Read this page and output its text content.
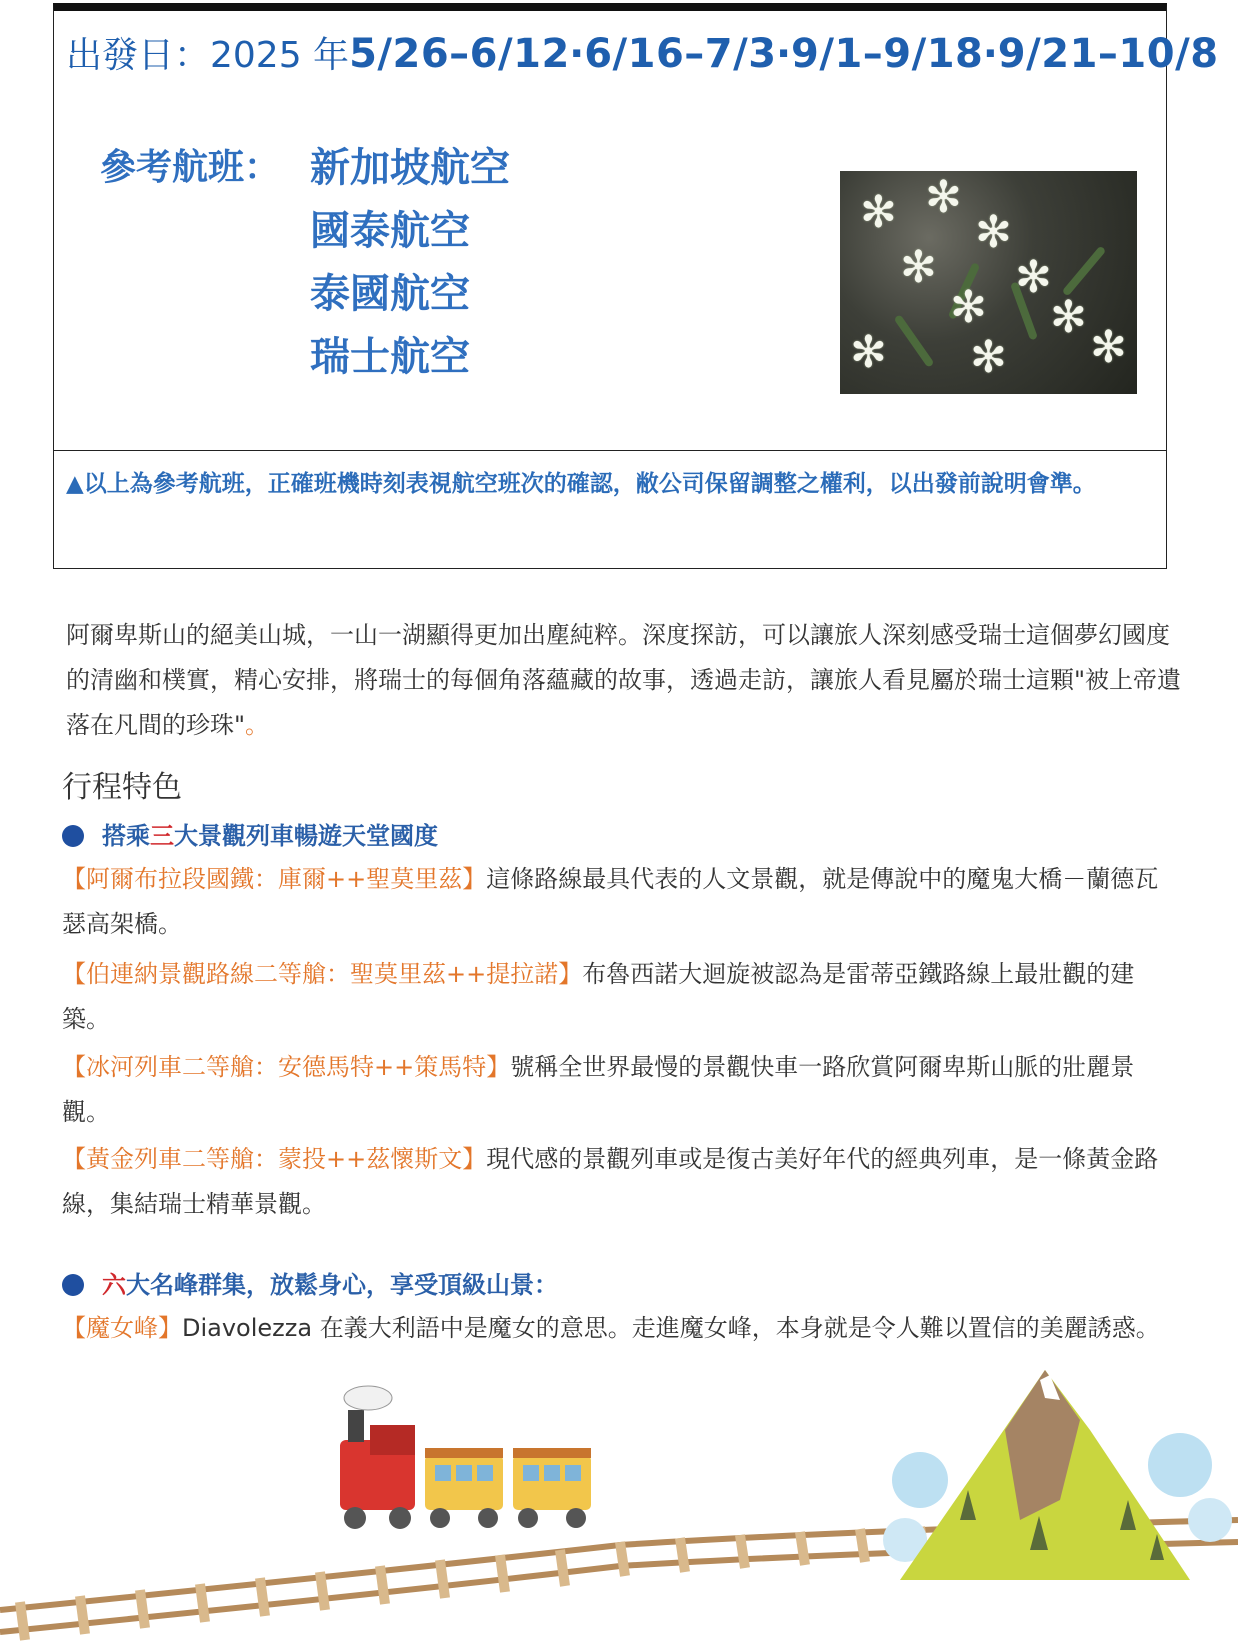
出發日：2025 年5/26–6/12‧6/16–7/3‧9/1–9/18‧9/21–10/8
參考航班： 新加坡航空
國泰航空
泰國航空
瑞士航空
✻ ✻
✻
✻ ✻
✻ ✻
✻ ✻ ✻
▲以上為參考航班，正確班機時刻表視航空班次的確認，敝公司保留調整之權利，以出發前說明會準。
阿爾卑斯山的絕美山城，一山一湖顯得更加出塵純粹。深度探訪，可以讓旅人深刻感受瑞士這個夢幻國度的清幽和樸實，精心安排，將瑞士的每個角落蘊藏的故事，透過走訪，讓旅人看見屬於瑞士這顆"被上帝遺落在凡間的珍珠"。
行程特色
搭乘三大景觀列車暢遊天堂國度
【阿爾布拉段國鐵：庫爾++聖莫里茲】這條路線最具代表的人文景觀，就是傳說中的魔鬼大橋－蘭德瓦瑟高架橋。
【伯連納景觀路線二等艙：聖莫里茲++提拉諾】布魯西諾大迴旋被認為是雷蒂亞鐵路線上最壯觀的建築。
【冰河列車二等艙：安德馬特++策馬特】號稱全世界最慢的景觀快車一路欣賞阿爾卑斯山脈的壯麗景觀。
【黃金列車二等艙：蒙投++茲懷斯文】現代感的景觀列車或是復古美好年代的經典列車，是一條黃金路線，集結瑞士精華景觀。
六大名峰群集，放鬆身心，享受頂級山景：
【魔女峰】Diavolezza 在義大利語中是魔女的意思。走進魔女峰，本身就是令人難以置信的美麗誘惑。
